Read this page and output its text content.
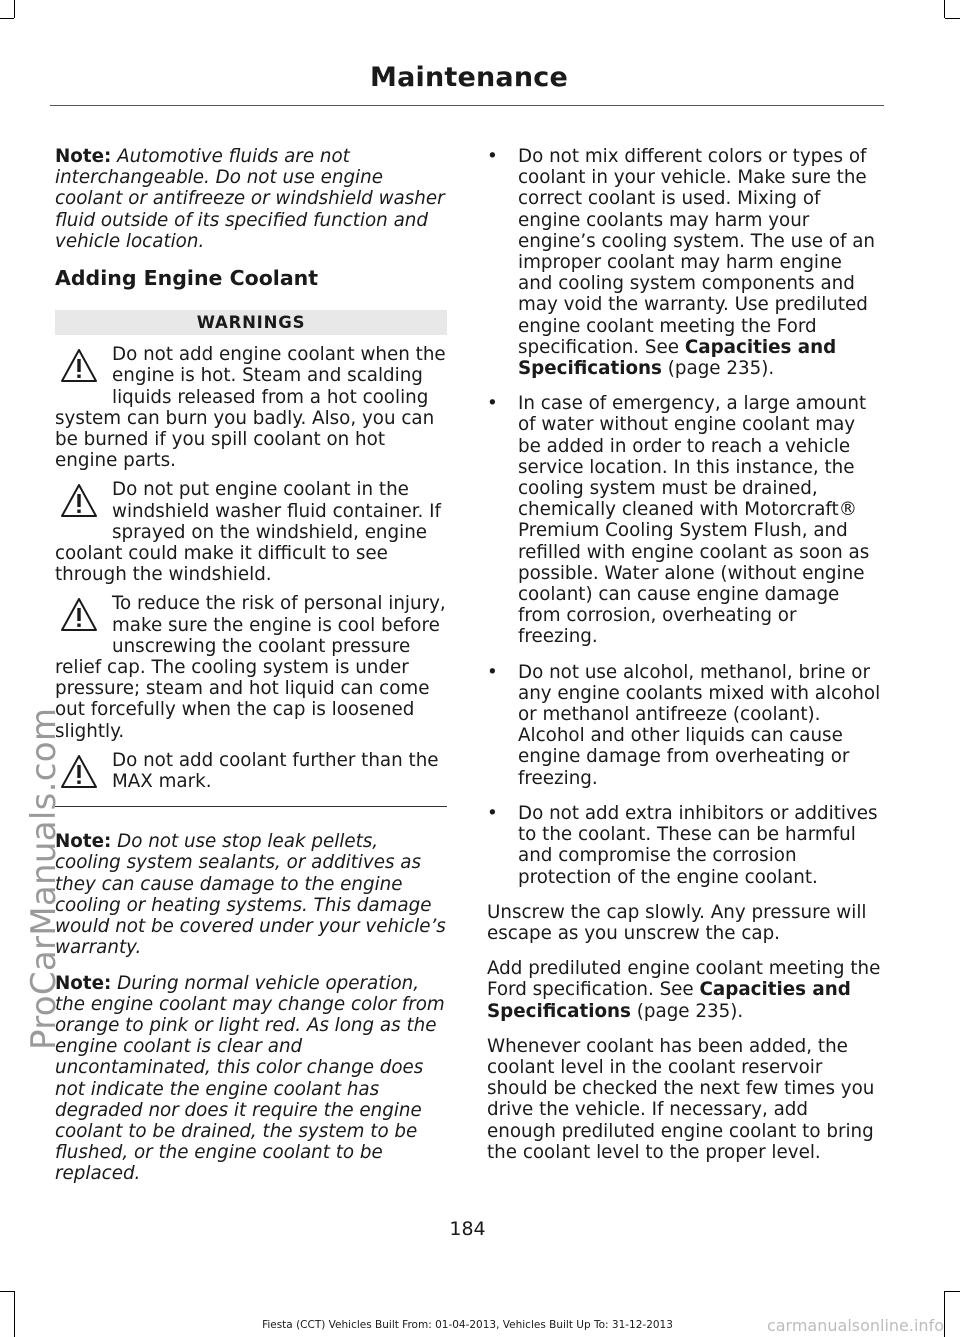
Maintenance

Note: Automotive fluids are not interchangeable. Do not use engine coolant or antifreeze or windshield washer fluid outside of its specified function and vehicle location.

Adding Engine Coolant
WARNINGS
Do not add engine coolant when the engine is hot. Steam and scalding liquids released from a hot cooling system can burn you badly. Also, you can be burned if you spill coolant on hot engine parts.
Do not put engine coolant in the windshield washer fluid container. If sprayed on the windshield, engine coolant could make it difficult to see through the windshield.
To reduce the risk of personal injury, make sure the engine is cool before unscrewing the coolant pressure relief cap. The cooling system is under pressure; steam and hot liquid can come out forcefully when the cap is loosened slightly.
Do not add coolant further than the MAX mark.

Note: Do not use stop leak pellets, cooling system sealants, or additives as they can cause damage to the engine cooling or heating systems. This damage would not be covered under your vehicle’s warranty.

Note: During normal vehicle operation, the engine coolant may change color from orange to pink or light red. As long as the engine coolant is clear and uncontaminated, this color change does not indicate the engine coolant has degraded nor does it require the engine coolant to be drained, the system to be flushed, or the engine coolant to be replaced.

• Do not mix different colors or types of coolant in your vehicle. Make sure the correct coolant is used. Mixing of engine coolants may harm your engine’s cooling system. The use of an improper coolant may harm engine and cooling system components and may void the warranty. Use prediluted engine coolant meeting the Ford specification. See Capacities and Specifications (page 235).
• In case of emergency, a large amount of water without engine coolant may be added in order to reach a vehicle service location. In this instance, the cooling system must be drained, chemically cleaned with Motorcraft® Premium Cooling System Flush, and refilled with engine coolant as soon as possible. Water alone (without engine coolant) can cause engine damage from corrosion, overheating or freezing.
• Do not use alcohol, methanol, brine or any engine coolants mixed with alcohol or methanol antifreeze (coolant). Alcohol and other liquids can cause engine damage from overheating or freezing.
• Do not add extra inhibitors or additives to the coolant. These can be harmful and compromise the corrosion protection of the engine coolant.

Unscrew the cap slowly. Any pressure will escape as you unscrew the cap.

Add prediluted engine coolant meeting the Ford specification. See Capacities and Specifications (page 235).

Whenever coolant has been added, the coolant level in the coolant reservoir should be checked the next few times you drive the vehicle. If necessary, add enough prediluted engine coolant to bring the coolant level to the proper level.

184
Fiesta (CCT) Vehicles Built From: 01-04-2013, Vehicles Built Up To: 31-12-2013
ProCarManuals.com
carmanualsonline.info
